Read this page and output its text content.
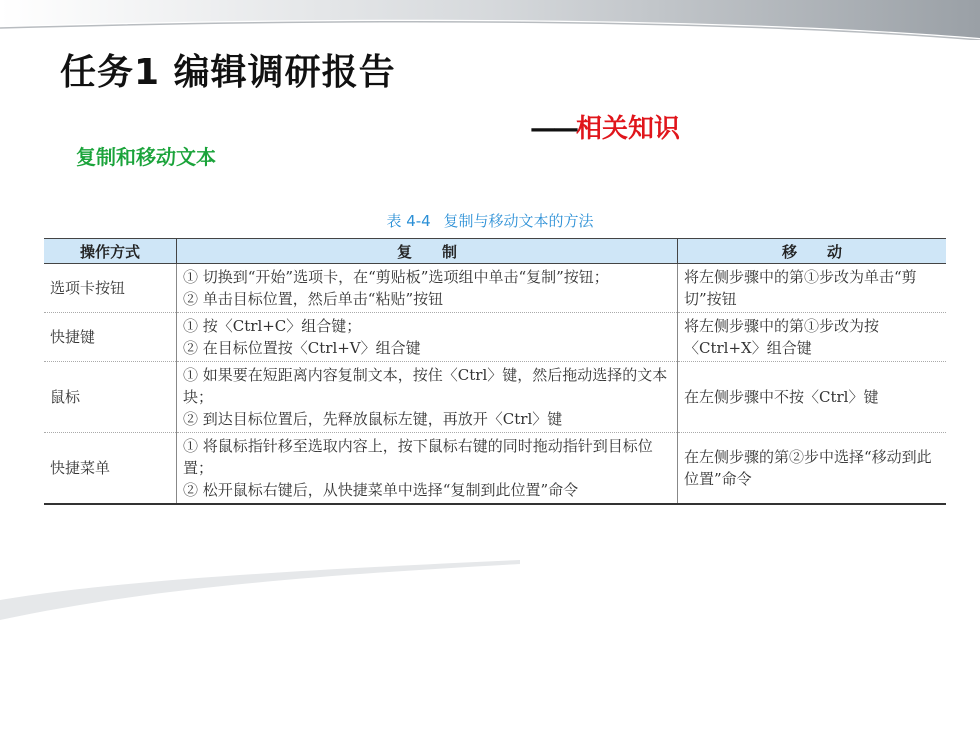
任务1 编辑调研报告
——相关知识
复制和移动文本
表 4-4 复制与移动文本的方法
操作方式	复　　制	移　　动
选项卡按钮	① 切换到“开始”选项卡，在“剪贴板”选项组中单击“复制”按钮；
② 单击目标位置，然后单击“粘贴”按钮	将左侧步骤中的第①步改为单击“剪切”按钮
快捷键	① 按〈Ctrl+C〉组合键；
② 在目标位置按〈Ctrl+V〉组合键	将左侧步骤中的第①步改为按〈Ctrl+X〉组合键
鼠标	① 如果要在短距离内容复制文本，按住〈Ctrl〉键，然后拖动选择的文本块；
② 到达目标位置后，先释放鼠标左键，再放开〈Ctrl〉键	在左侧步骤中不按〈Ctrl〉键
快捷菜单	① 将鼠标指针移至选取内容上，按下鼠标右键的同时拖动指针到目标位置；
② 松开鼠标右键后，从快捷菜单中选择“复制到此位置”命令	在左侧步骤的第②步中选择“移动到此位置”命令
